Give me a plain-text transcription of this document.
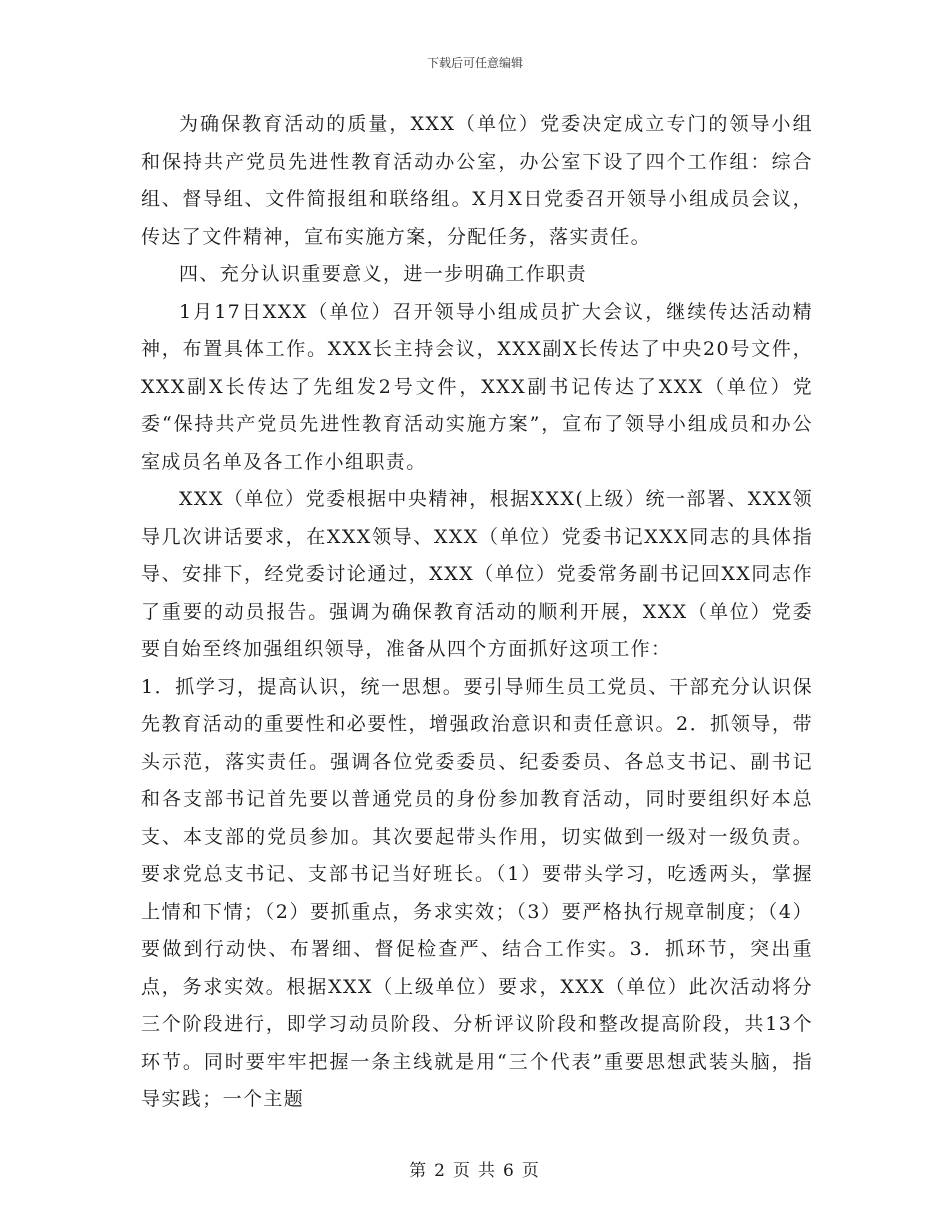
下载后可任意编辑

为确保教育活动的质量，XXX（单位）党委决定成立专门的领导小组和保持共产党员先进性教育活动办公室，办公室下设了四个工作组：综合组、督导组、文件简报组和联络组。X月X日党委召开领导小组成员会议，传达了文件精神，宣布实施方案，分配任务，落实责任。

四、充分认识重要意义，进一步明确工作职责

1月17日XXX（单位）召开领导小组成员扩大会议，继续传达活动精神，布置具体工作。XXX长主持会议，XXX副X长传达了中央20号文件，XXX副X长传达了先组发2号文件，XXX副书记传达了XXX（单位）党委“保持共产党员先进性教育活动实施方案”，宣布了领导小组成员和办公室成员名单及各工作小组职责。

XXX（单位）党委根据中央精神，根据XXX(上级）统一部署、XXX领导几次讲话要求，在XXX领导、XXX（单位）党委书记XXX同志的具体指导、安排下，经党委讨论通过，XXX（单位）党委常务副书记回XX同志作了重要的动员报告。强调为确保教育活动的顺利开展，XXX（单位）党委要自始至终加强组织领导，准备从四个方面抓好这项工作：

1．抓学习，提高认识，统一思想。要引导师生员工党员、干部充分认识保先教育活动的重要性和必要性，增强政治意识和责任意识。2．抓领导，带头示范，落实责任。强调各位党委委员、纪委委员、各总支书记、副书记和各支部书记首先要以普通党员的身份参加教育活动，同时要组织好本总支、本支部的党员参加。其次要起带头作用，切实做到一级对一级负责。要求党总支书记、支部书记当好班长。（1）要带头学习，吃透两头，掌握上情和下情；（2）要抓重点，务求实效；（3）要严格执行规章制度；（4）要做到行动快、布署细、督促检查严、结合工作实。3．抓环节，突出重点，务求实效。根据XXX（上级单位）要求，XXX（单位）此次活动将分三个阶段进行，即学习动员阶段、分析评议阶段和整改提高阶段，共13个环节。同时要牢牢把握一条主线就是用“三个代表”重要思想武装头脑，指导实践；一个主题

第 2 页 共 6 页
